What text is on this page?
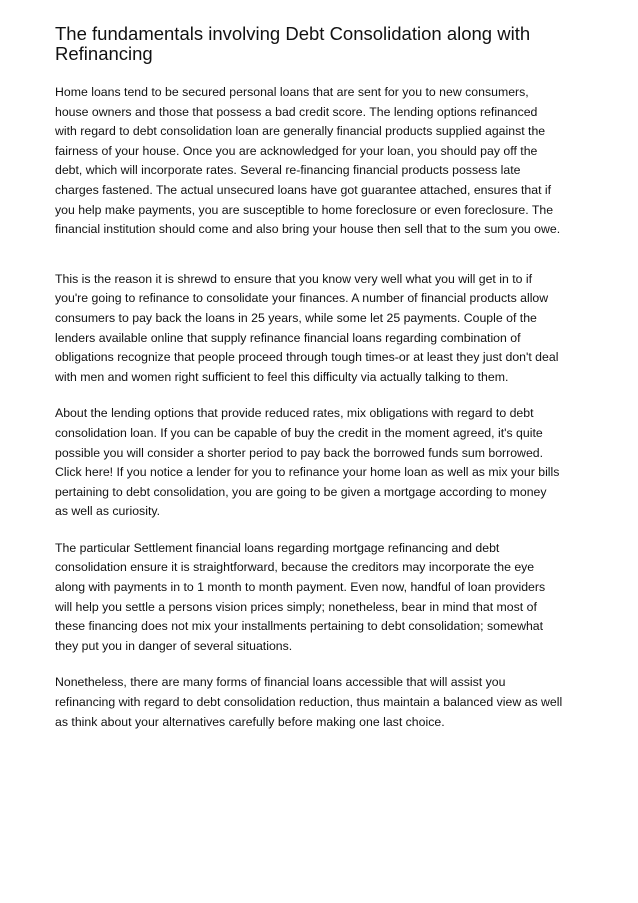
The fundamentals involving Debt Consolidation along with
Refinancing

Home loans tend to be secured personal loans that are sent for you to new consumers,
house owners and those that possess a bad credit score. The lending options refinanced
with regard to debt consolidation loan are generally financial products supplied against the
fairness of your house. Once you are acknowledged for your loan, you should pay off the
debt, which will incorporate rates. Several re-financing financial products possess late
charges fastened. The actual unsecured loans have got guarantee attached, ensures that if
you help make payments, you are susceptible to home foreclosure or even foreclosure. The
financial institution should come and also bring your house then sell that to the sum you owe.

This is the reason it is shrewd to ensure that you know very well what you will get in to if
you're going to refinance to consolidate your finances. A number of financial products allow
consumers to pay back the loans in 25 years, while some let 25 payments. Couple of the
lenders available online that supply refinance financial loans regarding combination of
obligations recognize that people proceed through tough times-or at least they just don't deal
with men and women right sufficient to feel this difficulty via actually talking to them.

About the lending options that provide reduced rates, mix obligations with regard to debt
consolidation loan. If you can be capable of buy the credit in the moment agreed, it's quite
possible you will consider a shorter period to pay back the borrowed funds sum borrowed.
Click here! If you notice a lender for you to refinance your home loan as well as mix your bills
pertaining to debt consolidation, you are going to be given a mortgage according to money
as well as curiosity.

The particular Settlement financial loans regarding mortgage refinancing and debt
consolidation ensure it is straightforward, because the creditors may incorporate the eye
along with payments in to 1 month to month payment. Even now, handful of loan providers
will help you settle a persons vision prices simply; nonetheless, bear in mind that most of
these financing does not mix your installments pertaining to debt consolidation; somewhat
they put you in danger of several situations.

Nonetheless, there are many forms of financial loans accessible that will assist you
refinancing with regard to debt consolidation reduction, thus maintain a balanced view as well
as think about your alternatives carefully before making one last choice.
